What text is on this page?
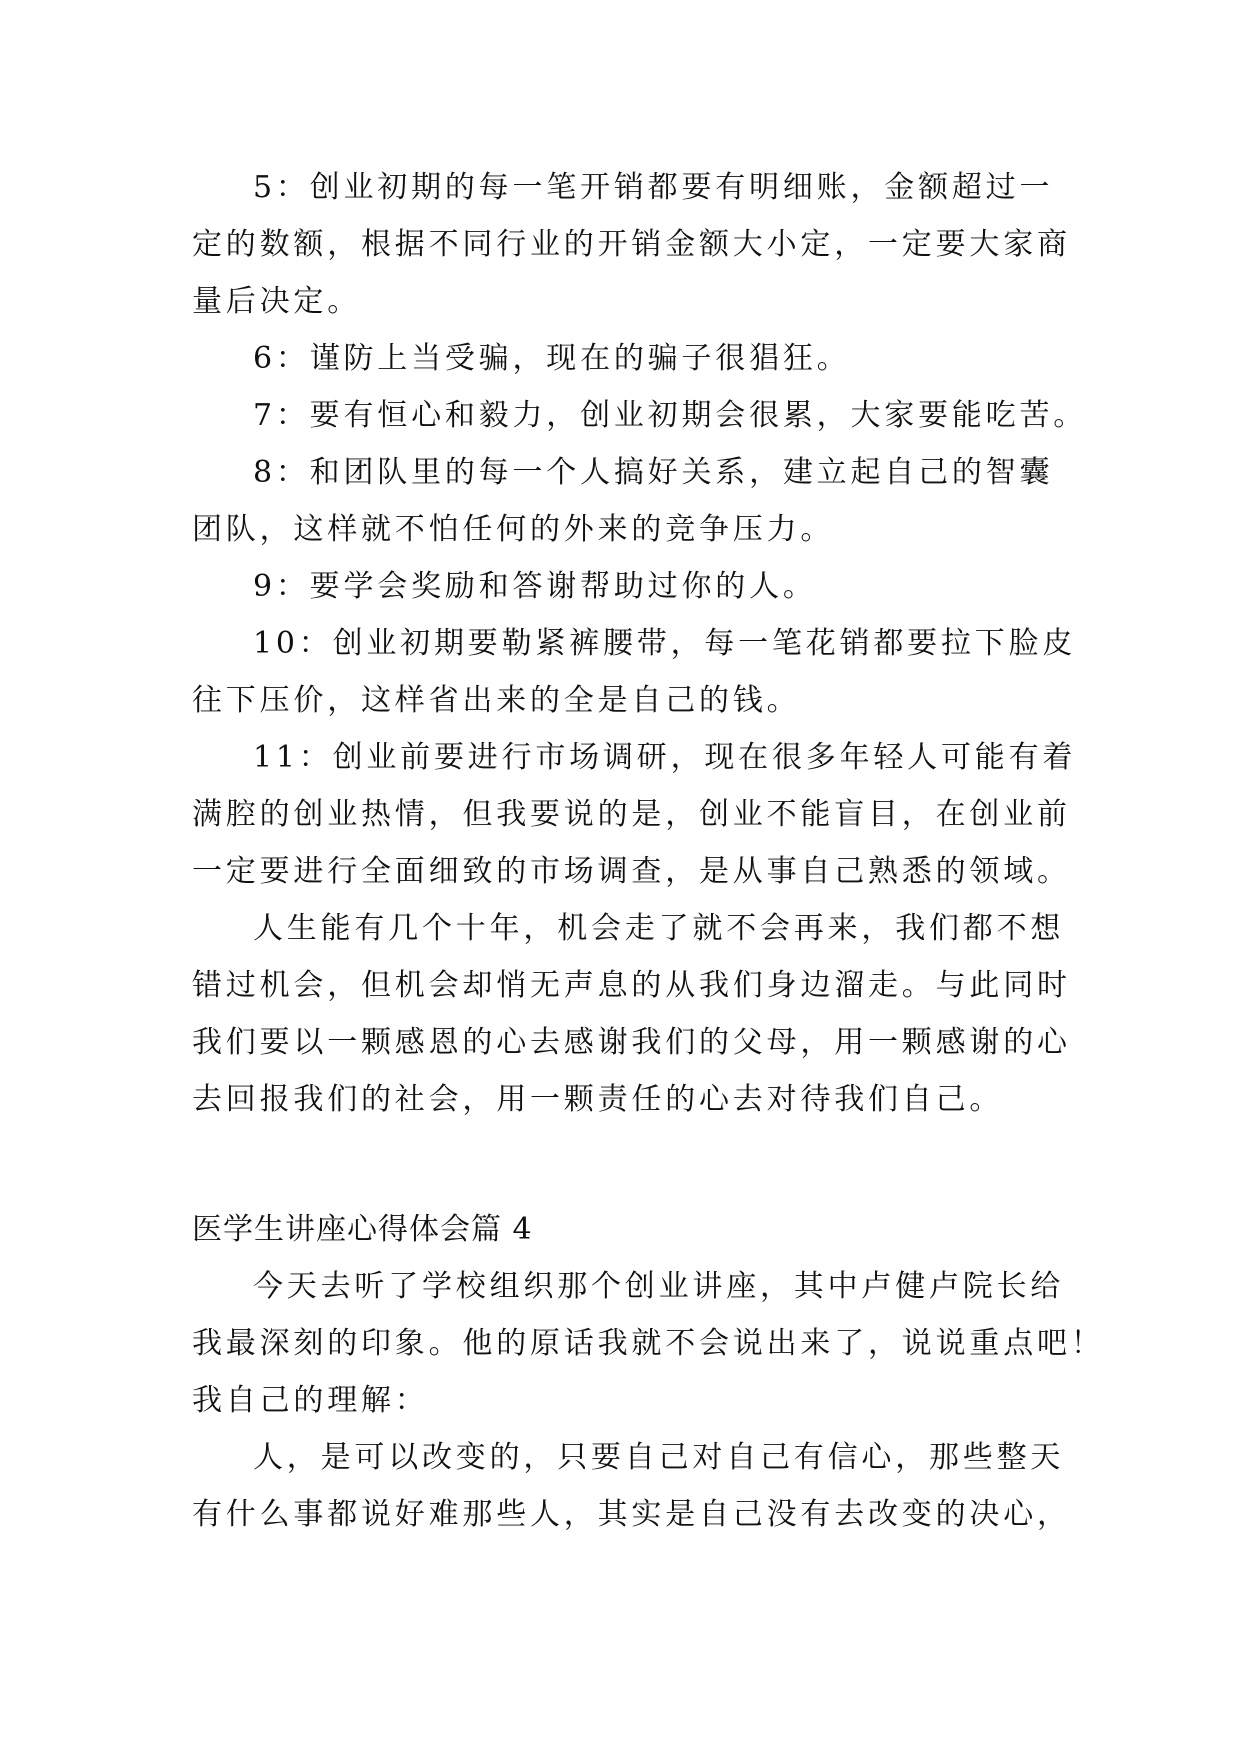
5：创业初期的每一笔开销都要有明细账，金额超过一
定的数额，根据不同行业的开销金额大小定，一定要大家商
量后决定。
6：谨防上当受骗，现在的骗子很猖狂。
7：要有恒心和毅力，创业初期会很累，大家要能吃苦。
8：和团队里的每一个人搞好关系，建立起自己的智囊
团队，这样就不怕任何的外来的竞争压力。
9：要学会奖励和答谢帮助过你的人。
10：创业初期要勒紧裤腰带，每一笔花销都要拉下脸皮
往下压价，这样省出来的全是自己的钱。
11：创业前要进行市场调研，现在很多年轻人可能有着
满腔的创业热情，但我要说的是，创业不能盲目，在创业前
一定要进行全面细致的市场调查，是从事自己熟悉的领域。
人生能有几个十年，机会走了就不会再来，我们都不想
错过机会，但机会却悄无声息的从我们身边溜走。与此同时
我们要以一颗感恩的心去感谢我们的父母，用一颗感谢的心
去回报我们的社会，用一颗责任的心去对待我们自己。
医学生讲座心得体会篇 4
今天去听了学校组织那个创业讲座，其中卢健卢院长给
我最深刻的印象。他的原话我就不会说出来了，说说重点吧！
我自己的理解：
人，是可以改变的，只要自己对自己有信心，那些整天
有什么事都说好难那些人，其实是自己没有去改变的决心，
